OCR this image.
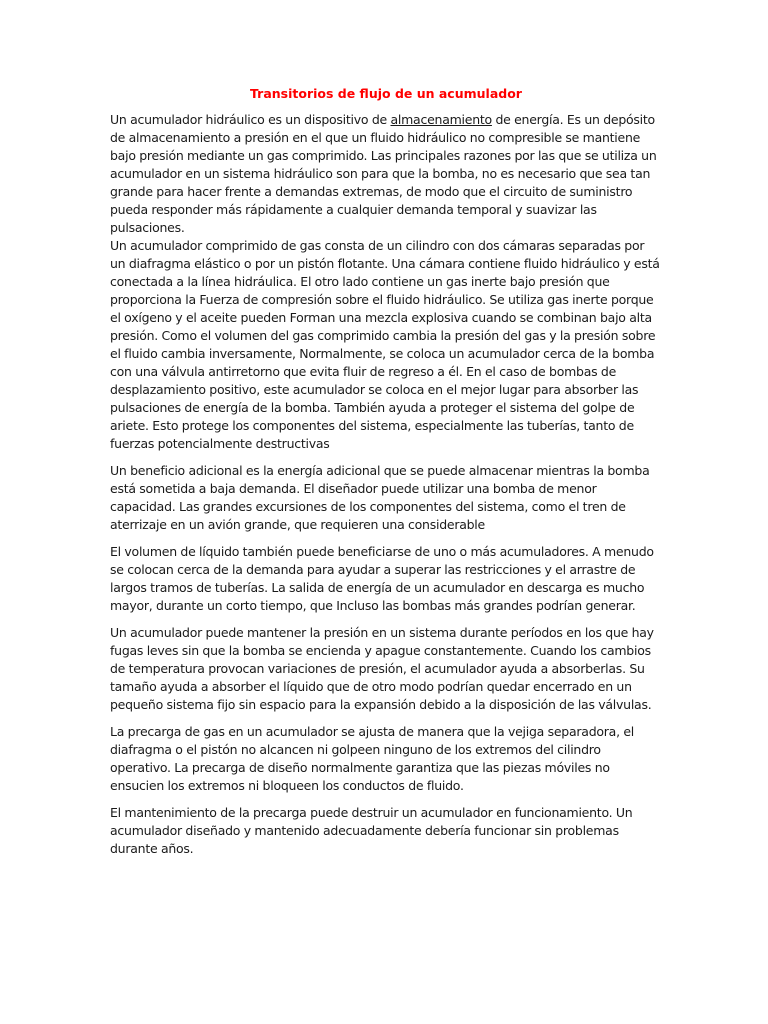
Transitorios de flujo de un acumulador

Un acumulador hidráulico es un dispositivo de almacenamiento de energía. Es un depósito de almacenamiento a presión en el que un fluido hidráulico no compresible se mantiene bajo presión mediante un gas comprimido. Las principales razones por las que se utiliza un acumulador en un sistema hidráulico son para que la bomba, no es necesario que sea tan grande para hacer frente a demandas extremas, de modo que el circuito de suministro pueda responder más rápidamente a cualquier demanda temporal y suavizar las pulsaciones.

Un acumulador comprimido de gas consta de un cilindro con dos cámaras separadas por un diafragma elástico o por un pistón flotante. Una cámara contiene fluido hidráulico y está conectada a la línea hidráulica. El otro lado contiene un gas inerte bajo presión que proporciona la Fuerza de compresión sobre el fluido hidráulico. Se utiliza gas inerte porque el oxígeno y el aceite pueden Forman una mezcla explosiva cuando se combinan bajo alta presión. Como el volumen del gas comprimido cambia la presión del gas y la presión sobre el fluido cambia inversamente, Normalmente, se coloca un acumulador cerca de la bomba con una válvula antirretorno que evita fluir de regreso a él. En el caso de bombas de desplazamiento positivo, este acumulador se coloca en el mejor lugar para absorber las pulsaciones de energía de la bomba. También ayuda a proteger el sistema del golpe de ariete. Esto protege los componentes del sistema, especialmente las tuberías, tanto de fuerzas potencialmente destructivas

Un beneficio adicional es la energía adicional que se puede almacenar mientras la bomba está sometida a baja demanda. El diseñador puede utilizar una bomba de menor capacidad. Las grandes excursiones de los componentes del sistema, como el tren de aterrizaje en un avión grande, que requieren una considerable

El volumen de líquido también puede beneficiarse de uno o más acumuladores. A menudo se colocan cerca de la demanda para ayudar a superar las restricciones y el arrastre de largos tramos de tuberías. La salida de energía de un acumulador en descarga es mucho mayor, durante un corto tiempo, que Incluso las bombas más grandes podrían generar.

Un acumulador puede mantener la presión en un sistema durante períodos en los que hay fugas leves sin que la bomba se encienda y apague constantemente. Cuando los cambios de temperatura provocan variaciones de presión, el acumulador ayuda a absorberlas. Su tamaño ayuda a absorber el líquido que de otro modo podrían quedar encerrado en un pequeño sistema fijo sin espacio para la expansión debido a la disposición de las válvulas.

La precarga de gas en un acumulador se ajusta de manera que la vejiga separadora, el diafragma o el pistón no alcancen ni golpeen ninguno de los extremos del cilindro operativo. La precarga de diseño normalmente garantiza que las piezas móviles no ensucien los extremos ni bloqueen los conductos de fluido.

El mantenimiento de la precarga puede destruir un acumulador en funcionamiento. Un acumulador diseñado y mantenido adecuadamente debería funcionar sin problemas durante años.
